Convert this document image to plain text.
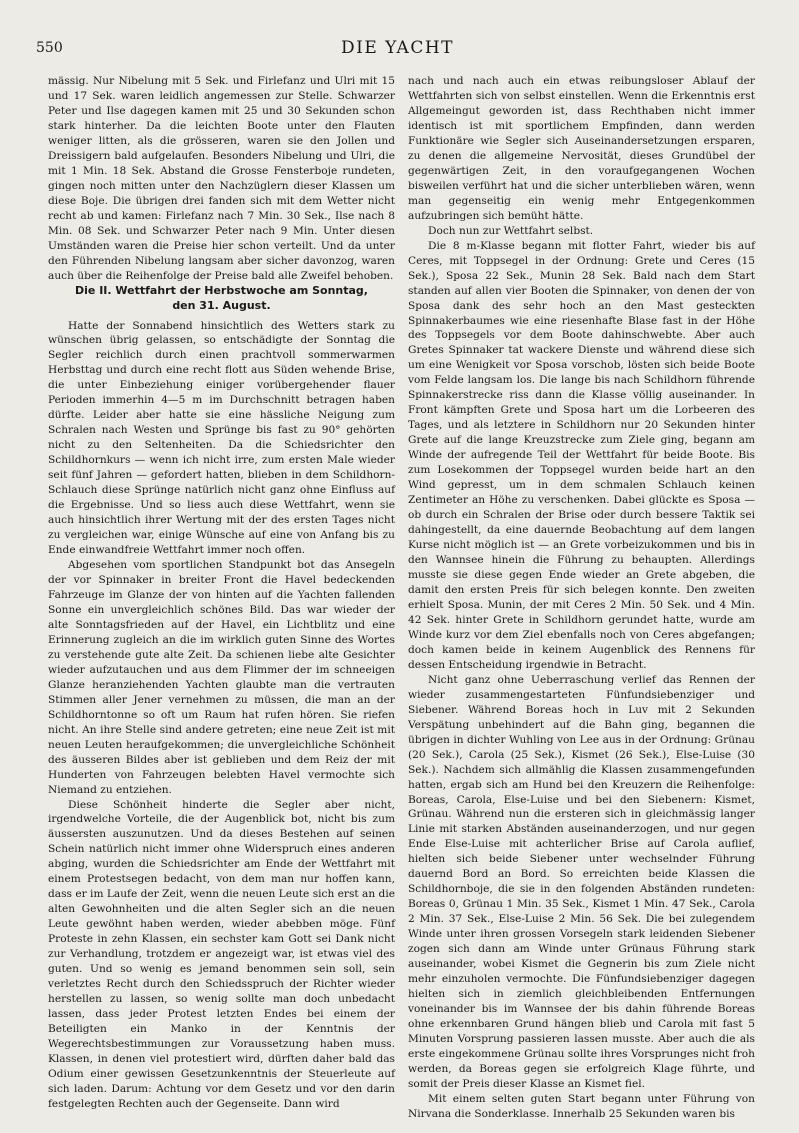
550	DIE YACHT

mässig. Nur Nibelung mit 5 Sek. und Firlefanz und Ulri mit 15 und 17 Sek. waren leidlich angemessen zur Stelle. Schwarzer Peter und Ilse dagegen kamen mit 25 und 30 Sekunden schon stark hinterher. Da die leichten Boote unter den Flauten weniger litten, als die grösseren, waren sie den Jollen und Dreissigern bald aufgelaufen. Besonders Nibelung und Ulri, die mit 1 Min. 18 Sek. Abstand die Grosse Fensterboje rundeten, gingen noch mitten unter den Nachzüglern dieser Klassen um diese Boje. Die übrigen drei fanden sich mit dem Wetter nicht recht ab und kamen: Firlefanz nach 7 Min. 30 Sek., Ilse nach 8 Min. 08 Sek. und Schwarzer Peter nach 9 Min. Unter diesen Umständen waren die Preise hier schon verteilt. Und da unter den Führenden Nibelung langsam aber sicher davonzog, waren auch über die Reihenfolge der Preise bald alle Zweifel behoben.

Die II. Wettfahrt der Herbstwoche am Sonntag,

den 31. August.

Hatte der Sonnabend hinsichtlich des Wetters stark zu wünschen übrig gelassen, so entschädigte der Sonntag die Segler reichlich durch einen prachtvoll sommerwarmen Herbsttag und durch eine recht flott aus Süden wehende Brise, die unter Einbeziehung einiger vorübergehender flauer Perioden immerhin 4—5 m im Durchschnitt betragen haben dürfte. Leider aber hatte sie eine hässliche Neigung zum Schralen nach Westen und Sprünge bis fast zu 90° gehörten nicht zu den Seltenheiten. Da die Schiedsrichter den Schildhornkurs — wenn ich nicht irre, zum ersten Male wieder seit fünf Jahren — gefordert hatten, blieben in dem Schildhorn-Schlauch diese Sprünge natürlich nicht ganz ohne Einfluss auf die Ergebnisse. Und so liess auch diese Wettfahrt, wenn sie auch hinsichtlich ihrer Wertung mit der des ersten Tages nicht zu vergleichen war, einige Wünsche auf eine von Anfang bis zu Ende einwandfreie Wettfahrt immer noch offen.

Abgesehen vom sportlichen Standpunkt bot das Ansegeln der vor Spinnaker in breiter Front die Havel bedeckenden Fahrzeuge im Glanze der von hinten auf die Yachten fallenden Sonne ein unvergleichlich schönes Bild. Das war wieder der alte Sonntagsfrieden auf der Havel, ein Lichtblitz und eine Erinnerung zugleich an die im wirklich guten Sinne des Wortes zu verstehende gute alte Zeit. Da schienen liebe alte Gesichter wieder aufzutauchen und aus dem Flimmer der im schneeigen Glanze heranziehenden Yachten glaubte man die vertrauten Stimmen aller Jener vernehmen zu müssen, die man an der Schildhorntonne so oft um Raum hat rufen hören. Sie riefen nicht. An ihre Stelle sind andere getreten; eine neue Zeit ist mit neuen Leuten heraufgekommen; die unvergleichliche Schönheit des äusseren Bildes aber ist geblieben und dem Reiz der mit Hunderten von Fahrzeugen belebten Havel vermochte sich Niemand zu entziehen.

Diese Schönheit hinderte die Segler aber nicht, irgendwelche Vorteile, die der Augenblick bot, nicht bis zum äussersten auszunutzen. Und da dieses Bestehen auf seinen Schein natürlich nicht immer ohne Widerspruch eines anderen abging, wurden die Schiedsrichter am Ende der Wettfahrt mit einem Protestsegen bedacht, von dem man nur hoffen kann, dass er im Laufe der Zeit, wenn die neuen Leute sich erst an die alten Gewohnheiten und die alten Segler sich an die neuen Leute gewöhnt haben werden, wieder abebben möge. Fünf Proteste in zehn Klassen, ein sechster kam Gott sei Dank nicht zur Verhandlung, trotzdem er angezeigt war, ist etwas viel des guten. Und so wenig es jemand benommen sein soll, sein verletztes Recht durch den Schiedsspruch der Richter wieder herstellen zu lassen, so wenig sollte man doch unbedacht lassen, dass jeder Protest letzten Endes bei einem der Beteiligten ein Manko in der Kenntnis der Wegerechtsbestimmungen zur Voraussetzung haben muss. Klassen, in denen viel protestiert wird, dürften daher bald das Odium einer gewissen Gesetzunkenntnis der Steuerleute auf sich laden. Darum: Achtung vor dem Gesetz und vor den darin festgelegten Rechten auch der Gegenseite. Dann wird

nach und nach auch ein etwas reibungsloser Ablauf der Wettfahrten sich von selbst einstellen. Wenn die Erkenntnis erst Allgemeingut geworden ist, dass Rechthaben nicht immer identisch ist mit sportlichem Empfinden, dann werden Funktionäre wie Segler sich Auseinandersetzungen ersparen, zu denen die allgemeine Nervosität, dieses Grundübel der gegenwärtigen Zeit, in den voraufgegangenen Wochen bisweilen verführt hat und die sicher unterblieben wären, wenn man gegenseitig ein wenig mehr Entgegenkommen aufzubringen sich bemüht hätte.

Doch nun zur Wettfahrt selbst.

Die 8 m-Klasse begann mit flotter Fahrt, wieder bis auf Ceres, mit Toppsegel in der Ordnung: Grete und Ceres (15 Sek.), Sposa 22 Sek., Munin 28 Sek. Bald nach dem Start standen auf allen vier Booten die Spinnaker, von denen der von Sposa dank des sehr hoch an den Mast gesteckten Spinnakerbaumes wie eine riesenhafte Blase fast in der Höhe des Toppsegels vor dem Boote dahinschwebte. Aber auch Gretes Spinnaker tat wackere Dienste und während diese sich um eine Wenigkeit vor Sposa vorschob, lösten sich beide Boote vom Felde langsam los. Die lange bis nach Schildhorn führende Spinnakerstrecke riss dann die Klasse völlig auseinander. In Front kämpften Grete und Sposa hart um die Lorbeeren des Tages, und als letztere in Schildhorn nur 20 Sekunden hinter Grete auf die lange Kreuzstrecke zum Ziele ging, begann am Winde der aufregende Teil der Wettfahrt für beide Boote. Bis zum Losekommen der Toppsegel wurden beide hart an den Wind gepresst, um in dem schmalen Schlauch keinen Zentimeter an Höhe zu verschenken. Dabei glückte es Sposa — ob durch ein Schralen der Brise oder durch bessere Taktik sei dahingestellt, da eine dauernde Beobachtung auf dem langen Kurse nicht möglich ist — an Grete vorbeizukommen und bis in den Wannsee hinein die Führung zu behaupten. Allerdings musste sie diese gegen Ende wieder an Grete abgeben, die damit den ersten Preis für sich belegen konnte. Den zweiten erhielt Sposa. Munin, der mit Ceres 2 Min. 50 Sek. und 4 Min. 42 Sek. hinter Grete in Schildhorn gerundet hatte, wurde am Winde kurz vor dem Ziel ebenfalls noch von Ceres abgefangen; doch kamen beide in keinem Augenblick des Rennens für dessen Entscheidung irgendwie in Betracht.

Nicht ganz ohne Ueberraschung verlief das Rennen der wieder zusammengestarteten Fünfundsiebenziger und Siebener. Während Boreas hoch in Luv mit 2 Sekunden Verspätung unbehindert auf die Bahn ging, begannen die übrigen in dichter Wuhling von Lee aus in der Ordnung: Grünau (20 Sek.), Carola (25 Sek.), Kismet (26 Sek.), Else-Luise (30 Sek.). Nachdem sich allmählig die Klassen zusammengefunden hatten, ergab sich am Hund bei den Kreuzern die Reihenfolge: Boreas, Carola, Else-Luise und bei den Siebenern: Kismet, Grünau. Während nun die ersteren sich in gleichmässig langer Linie mit starken Abständen auseinanderzogen, und nur gegen Ende Else-Luise mit achterlicher Brise auf Carola auflief, hielten sich beide Siebener unter wechselnder Führung dauernd Bord an Bord. So erreichten beide Klassen die Schildhornboje, die sie in den folgenden Abständen rundeten: Boreas 0, Grünau 1 Min. 35 Sek., Kismet 1 Min. 47 Sek., Carola 2 Min. 37 Sek., Else-Luise 2 Min. 56 Sek. Die bei zulegendem Winde unter ihren grossen Vorsegeln stark leidenden Siebener zogen sich dann am Winde unter Grünaus Führung stark auseinander, wobei Kismet die Gegnerin bis zum Ziele nicht mehr einzuholen vermochte. Die Fünfundsiebenziger dagegen hielten sich in ziemlich gleichbleibenden Entfernungen voneinander bis im Wannsee der bis dahin führende Boreas ohne erkennbaren Grund hängen blieb und Carola mit fast 5 Minuten Vorsprung passieren lassen musste. Aber auch die als erste eingekommene Grünau sollte ihres Vorsprunges nicht froh werden, da Boreas gegen sie erfolgreich Klage führte, und somit der Preis dieser Klasse an Kismet fiel.

Mit einem selten guten Start begann unter Führung von Nirvana die Sonderklasse. Innerhalb 25 Sekunden waren bis
